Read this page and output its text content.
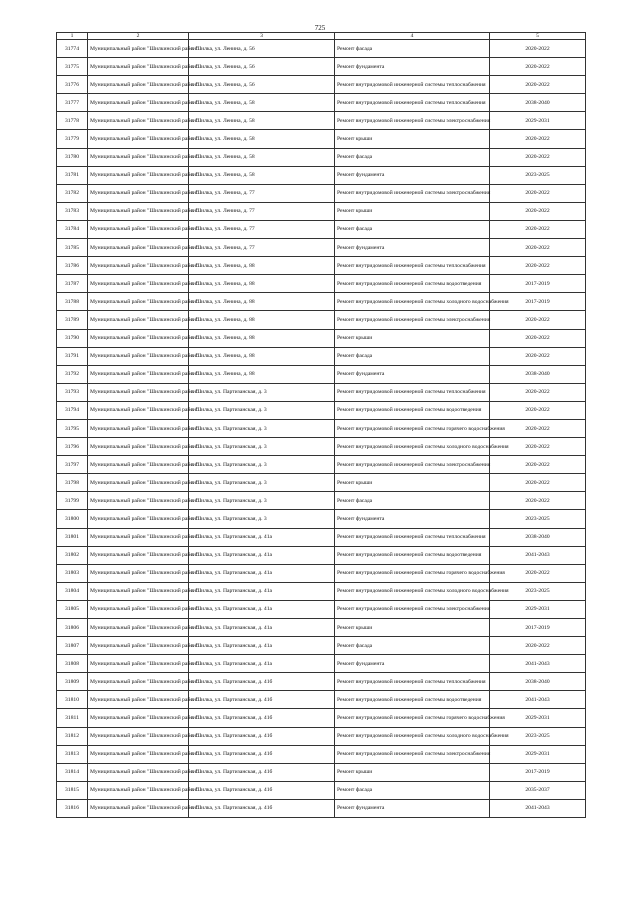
725
1	2	3	4	5
31774	Муниципальный район "Шилкинский район"	г. Шилка, ул. Ленина, д. 56	Ремонт фасада	2020-2022
31775	Муниципальный район "Шилкинский район"	г. Шилка, ул. Ленина, д. 56	Ремонт фундамента	2020-2022
31776	Муниципальный район "Шилкинский район"	г. Шилка, ул. Ленина, д. 56	Ремонт внутридомовой инженерной системы теплоснабжения	2020-2022
31777	Муниципальный район "Шилкинский район"	г. Шилка, ул. Ленина, д. 58	Ремонт внутридомовой инженерной системы теплоснабжения	2038-2040
31778	Муниципальный район "Шилкинский район"	г. Шилка, ул. Ленина, д. 58	Ремонт внутридомовой инженерной системы электроснабжения	2029-2031
31779	Муниципальный район "Шилкинский район"	г. Шилка, ул. Ленина, д. 58	Ремонт крыши	2020-2022
31780	Муниципальный район "Шилкинский район"	г. Шилка, ул. Ленина, д. 58	Ремонт фасада	2020-2022
31781	Муниципальный район "Шилкинский район"	г. Шилка, ул. Ленина, д. 58	Ремонт фундамента	2023-2025
31782	Муниципальный район "Шилкинский район"	г. Шилка, ул. Ленина, д. 77	Ремонт внутридомовой инженерной системы электроснабжения	2020-2022
31783	Муниципальный район "Шилкинский район"	г. Шилка, ул. Ленина, д. 77	Ремонт крыши	2020-2022
31784	Муниципальный район "Шилкинский район"	г. Шилка, ул. Ленина, д. 77	Ремонт фасада	2020-2022
31785	Муниципальный район "Шилкинский район"	г. Шилка, ул. Ленина, д. 77	Ремонт фундамента	2020-2022
31786	Муниципальный район "Шилкинский район"	г. Шилка, ул. Ленина, д. 88	Ремонт внутридомовой инженерной системы теплоснабжения	2020-2022
31787	Муниципальный район "Шилкинский район"	г. Шилка, ул. Ленина, д. 88	Ремонт внутридомовой инженерной системы водоотведения	2017-2019
31788	Муниципальный район "Шилкинский район"	г. Шилка, ул. Ленина, д. 88	Ремонт внутридомовой инженерной системы холодного водоснабжения	2017-2019
31789	Муниципальный район "Шилкинский район"	г. Шилка, ул. Ленина, д. 88	Ремонт внутридомовой инженерной системы электроснабжения	2020-2022
31790	Муниципальный район "Шилкинский район"	г. Шилка, ул. Ленина, д. 88	Ремонт крыши	2020-2022
31791	Муниципальный район "Шилкинский район"	г. Шилка, ул. Ленина, д. 88	Ремонт фасада	2020-2022
31792	Муниципальный район "Шилкинский район"	г. Шилка, ул. Ленина, д. 88	Ремонт фундамента	2038-2040
31793	Муниципальный район "Шилкинский район"	г. Шилка, ул. Партизанская, д. 3	Ремонт внутридомовой инженерной системы теплоснабжения	2020-2022
31794	Муниципальный район "Шилкинский район"	г. Шилка, ул. Партизанская, д. 3	Ремонт внутридомовой инженерной системы водоотведения	2020-2022
31795	Муниципальный район "Шилкинский район"	г. Шилка, ул. Партизанская, д. 3	Ремонт внутридомовой инженерной системы горячего водоснабжения	2020-2022
31796	Муниципальный район "Шилкинский район"	г. Шилка, ул. Партизанская, д. 3	Ремонт внутридомовой инженерной системы холодного водоснабжения	2020-2022
31797	Муниципальный район "Шилкинский район"	г. Шилка, ул. Партизанская, д. 3	Ремонт внутридомовой инженерной системы электроснабжения	2020-2022
31798	Муниципальный район "Шилкинский район"	г. Шилка, ул. Партизанская, д. 3	Ремонт крыши	2020-2022
31799	Муниципальный район "Шилкинский район"	г. Шилка, ул. Партизанская, д. 3	Ремонт фасада	2020-2022
31800	Муниципальный район "Шилкинский район"	г. Шилка, ул. Партизанская, д. 3	Ремонт фундамента	2023-2025
31801	Муниципальный район "Шилкинский район"	г. Шилка, ул. Партизанская, д. 41а	Ремонт внутридомовой инженерной системы теплоснабжения	2038-2040
31802	Муниципальный район "Шилкинский район"	г. Шилка, ул. Партизанская, д. 41а	Ремонт внутридомовой инженерной системы водоотведения	2041-2043
31803	Муниципальный район "Шилкинский район"	г. Шилка, ул. Партизанская, д. 41а	Ремонт внутридомовой инженерной системы горячего водоснабжения	2020-2022
31804	Муниципальный район "Шилкинский район"	г. Шилка, ул. Партизанская, д. 41а	Ремонт внутридомовой инженерной системы холодного водоснабжения	2023-2025
31805	Муниципальный район "Шилкинский район"	г. Шилка, ул. Партизанская, д. 41а	Ремонт внутридомовой инженерной системы электроснабжения	2029-2031
31806	Муниципальный район "Шилкинский район"	г. Шилка, ул. Партизанская, д. 41а	Ремонт крыши	2017-2019
31807	Муниципальный район "Шилкинский район"	г. Шилка, ул. Партизанская, д. 41а	Ремонт фасада	2020-2022
31808	Муниципальный район "Шилкинский район"	г. Шилка, ул. Партизанская, д. 41а	Ремонт фундамента	2041-2043
31809	Муниципальный район "Шилкинский район"	г. Шилка, ул. Партизанская, д. 41б	Ремонт внутридомовой инженерной системы теплоснабжения	2038-2040
31810	Муниципальный район "Шилкинский район"	г. Шилка, ул. Партизанская, д. 41б	Ремонт внутридомовой инженерной системы водоотведения	2041-2043
31811	Муниципальный район "Шилкинский район"	г. Шилка, ул. Партизанская, д. 41б	Ремонт внутридомовой инженерной системы горячего водоснабжения	2029-2031
31812	Муниципальный район "Шилкинский район"	г. Шилка, ул. Партизанская, д. 41б	Ремонт внутридомовой инженерной системы холодного водоснабжения	2023-2025
31813	Муниципальный район "Шилкинский район"	г. Шилка, ул. Партизанская, д. 41б	Ремонт внутридомовой инженерной системы электроснабжения	2029-2031
31814	Муниципальный район "Шилкинский район"	г. Шилка, ул. Партизанская, д. 41б	Ремонт крыши	2017-2019
31815	Муниципальный район "Шилкинский район"	г. Шилка, ул. Партизанская, д. 41б	Ремонт фасада	2035-2037
31816	Муниципальный район "Шилкинский район"	г. Шилка, ул. Партизанская, д. 41б	Ремонт фундамента	2041-2043
